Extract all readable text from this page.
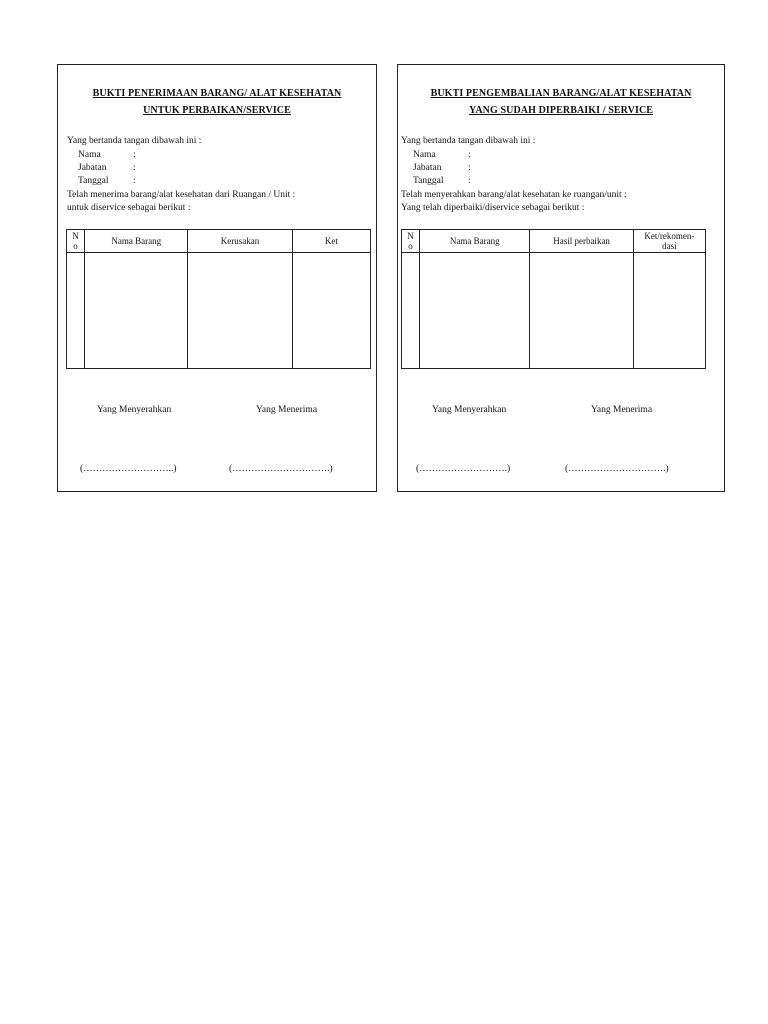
BUKTI PENERIMAAN BARANG/ ALAT KESEHATAN
UNTUK PERBAIKAN/SERVICE
Yang bertanda tangan dibawah ini :
Nama	:
Jabatan	:
Tanggal	:
Telah menerima barang/alat kesehatan dari Ruangan / Unit :
untuk diservice sebagai berikut :
N
o	Nama Barang	Kerusakan	Ket

Yang Menyerahkan	Yang Menerima
(………………………..)	(………………………….)
BUKTI PENGEMBALIAN BARANG/ALAT KESEHATAN
YANG SUDAH DIPERBAIKI / SERVICE
Yang bertanda tangan dibawah ini :
Nama	:
Jabatan	:
Tanggal	:
Telah menyerahkan barang/alat kesehatan ke ruangan/unit :
Yang telah diperbaiki/diservice sebagai berikut :
N
o	Nama Barang	Hasil perbaikan	Ket/rekomen-
dasi

Yang Menyerahkan	Yang Menerima
(……………………….)	(………………………….)
